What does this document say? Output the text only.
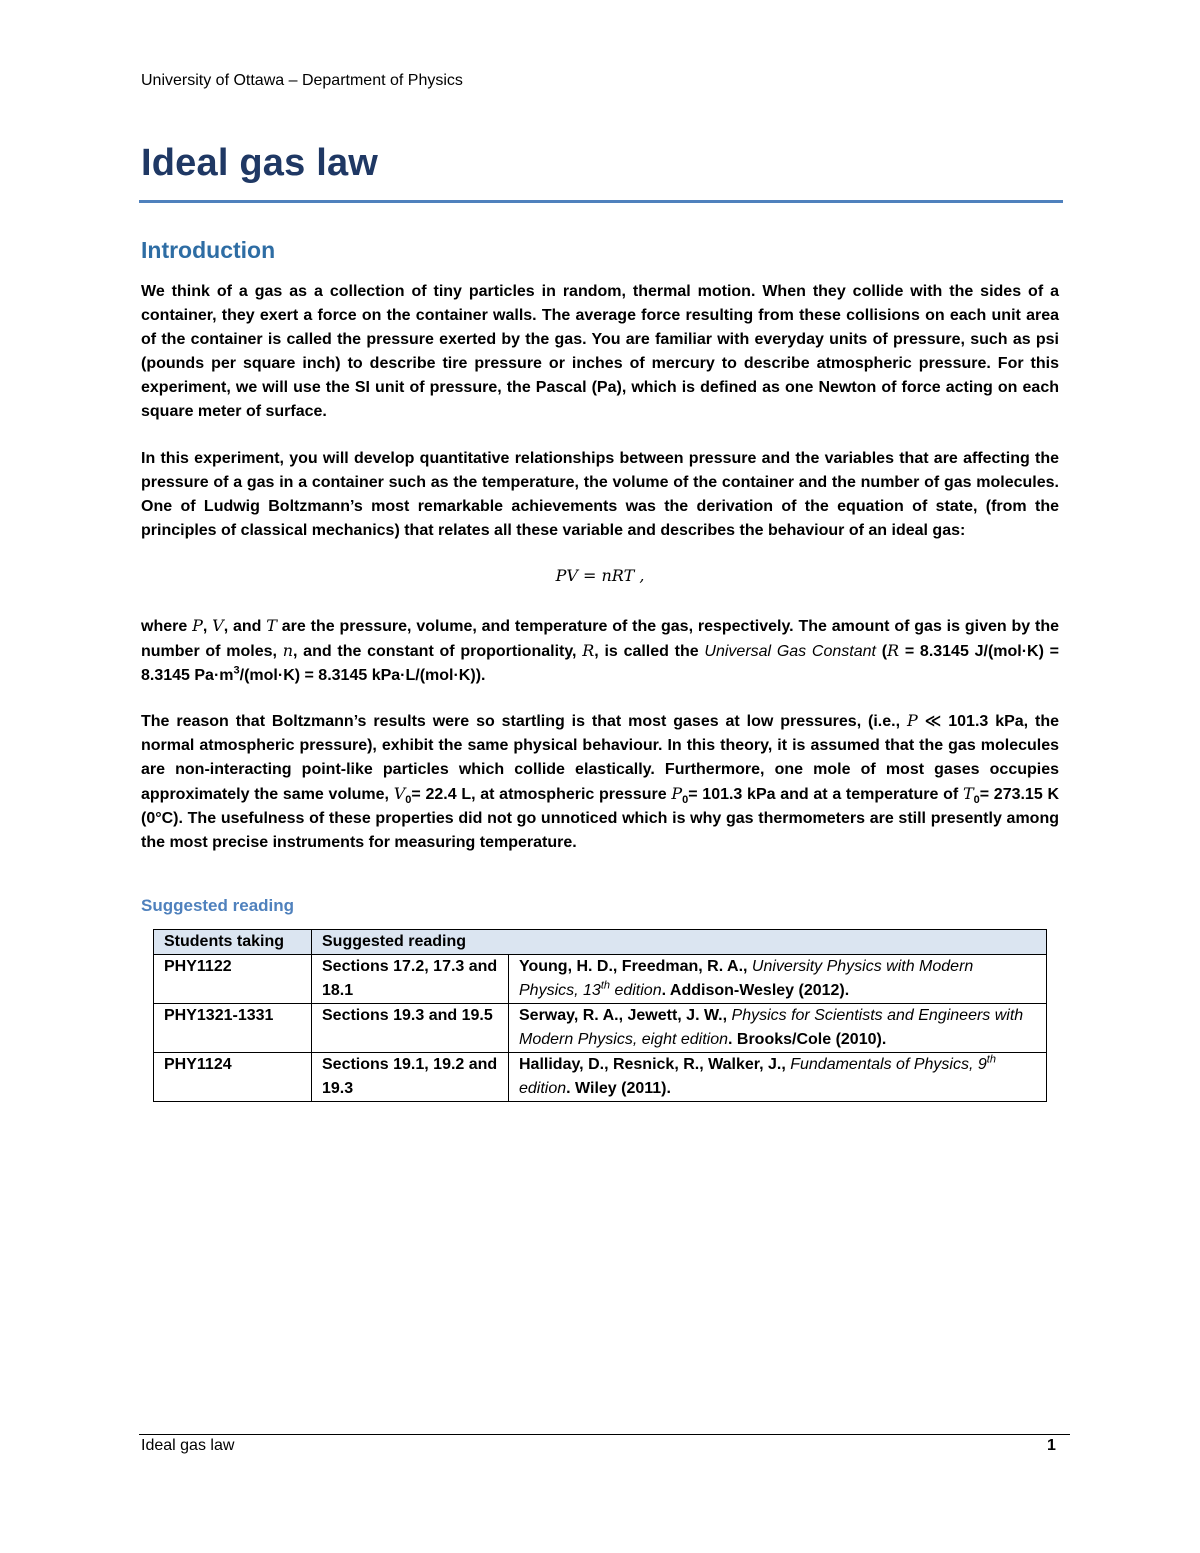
University of Ottawa – Department of Physics
Ideal gas law
Introduction
We think of a gas as a collection of tiny particles in random, thermal motion. When they collide with the sides of a container, they exert a force on the container walls. The average force resulting from these collisions on each unit area of the container is called the pressure exerted by the gas. You are familiar with everyday units of pressure, such as psi (pounds per square inch) to describe tire pressure or inches of mercury to describe atmospheric pressure. For this experiment, we will use the SI unit of pressure, the Pascal (Pa), which is defined as one Newton of force acting on each square meter of surface.
In this experiment, you will develop quantitative relationships between pressure and the variables that are affecting the pressure of a gas in a container such as the temperature, the volume of the container and the number of gas molecules. One of Ludwig Boltzmann’s most remarkable achievements was the derivation of the equation of state, (from the principles of classical mechanics) that relates all these variable and describes the behaviour of an ideal gas:
PV = nRT ,
where P, V, and T are the pressure, volume, and temperature of the gas, respectively. The amount of gas is given by the number of moles, n, and the constant of proportionality, R, is called the Universal Gas Constant (R = 8.3145 J/(mol·K) = 8.3145 $Pa\cdot m^3/(mol\cdot K) = 8.3145$ kPa·L/(mol·K)).
The reason that Boltzmann’s results were so startling is that most gases at low pressures, (i.e., P ≪ 101.3 kPa, the normal atmospheric pressure), exhibit the same physical behaviour. In this theory, it is assumed that the gas molecules are non-interacting point-like particles which collide elastically. Furthermore, one mole of most gases occupies approximately the same volume, $V_0= 22.4$ L, at atmospheric pressure $P_0= 101.3$ kPa and at a temperature of $T_0= 273.15$ K (0°C). The usefulness of these properties did not go unnoticed which is why gas thermometers are still presently among the most precise instruments for measuring temperature.
Suggested reading
Students taking	Suggested reading	
PHY1122	Sections 17.2, 17.3 and 18.1	Young, H. D., Freedman, R. A., University Physics with Modern Physics, 13th edition. Addison-Wesley (2012).
PHY1321-1331	Sections 19.3 and 19.5	Serway, R. A., Jewett, J. W., Physics for Scientists and Engineers with Modern Physics, eight edition. Brooks/Cole (2010).
PHY1124	Sections 19.1, 19.2 and 19.3	Halliday, D., Resnick, R., Walker, J., Fundamentals of Physics, 9th edition. Wiley (2011).
Ideal gas law	1
